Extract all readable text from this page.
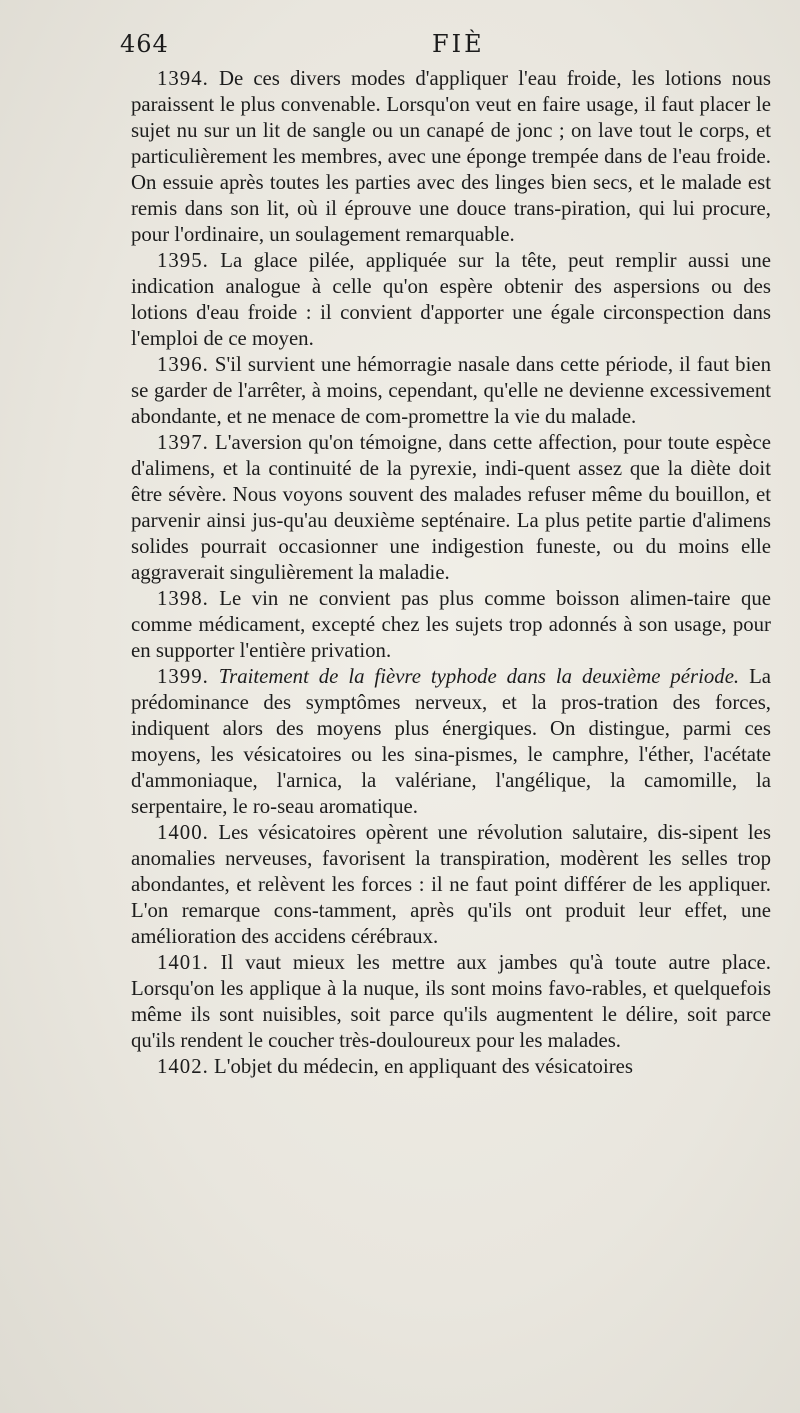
464	FIÈ

1394. De ces divers modes d'appliquer l'eau froide, les lotions nous paraissent le plus convenable. Lorsqu'on veut en faire usage, il faut placer le sujet nu sur un lit de sangle ou un canapé de jonc ; on lave tout le corps, et particulièrement les membres, avec une éponge trempée dans de l'eau froide. On essuie après toutes les parties avec des linges bien secs, et le malade est remis dans son lit, où il éprouve une douce trans-piration, qui lui procure, pour l'ordinaire, un soulagement remarquable.

1395. La glace pilée, appliquée sur la tête, peut remplir aussi une indication analogue à celle qu'on espère obtenir des aspersions ou des lotions d'eau froide : il convient d'apporter une égale circonspection dans l'emploi de ce moyen.

1396. S'il survient une hémorragie nasale dans cette période, il faut bien se garder de l'arrêter, à moins, cependant, qu'elle ne devienne excessivement abondante, et ne menace de com-promettre la vie du malade.

1397. L'aversion qu'on témoigne, dans cette affection, pour toute espèce d'alimens, et la continuité de la pyrexie, indi-quent assez que la diète doit être sévère. Nous voyons souvent des malades refuser même du bouillon, et parvenir ainsi jus-qu'au deuxième septénaire. La plus petite partie d'alimens solides pourrait occasionner une indigestion funeste, ou du moins elle aggraverait singulièrement la maladie.

1398. Le vin ne convient pas plus comme boisson alimen-taire que comme médicament, excepté chez les sujets trop adonnés à son usage, pour en supporter l'entière privation.

1399. Traitement de la fièvre typhode dans la deuxième période. La prédominance des symptômes nerveux, et la pros-tration des forces, indiquent alors des moyens plus énergiques. On distingue, parmi ces moyens, les vésicatoires ou les sina-pismes, le camphre, l'éther, l'acétate d'ammoniaque, l'arnica, la valériane, l'angélique, la camomille, la serpentaire, le ro-seau aromatique.

1400. Les vésicatoires opèrent une révolution salutaire, dis-sipent les anomalies nerveuses, favorisent la transpiration, modèrent les selles trop abondantes, et relèvent les forces : il ne faut point différer de les appliquer. L'on remarque cons-tamment, après qu'ils ont produit leur effet, une amélioration des accidens cérébraux.

1401. Il vaut mieux les mettre aux jambes qu'à toute autre place. Lorsqu'on les applique à la nuque, ils sont moins favo-rables, et quelquefois même ils sont nuisibles, soit parce qu'ils augmentent le délire, soit parce qu'ils rendent le coucher très-douloureux pour les malades.

1402. L'objet du médecin, en appliquant des vésicatoires
